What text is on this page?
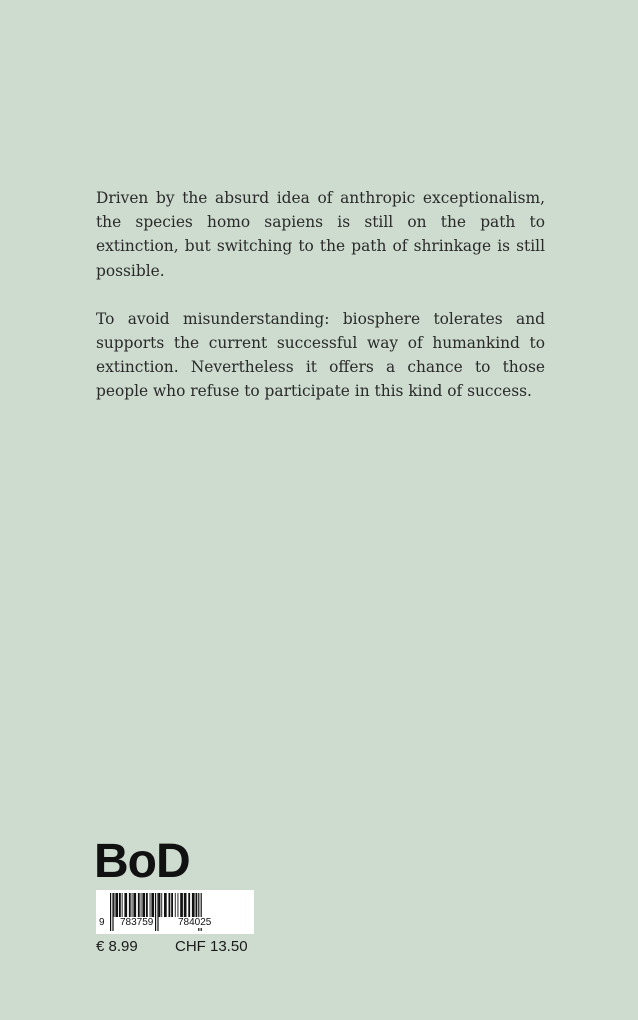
Driven by the absurd idea of anthropic exceptionalism, the species homo sapiens is still on the path to extinction, but switching to the path of shrinkage is still possible.

To avoid misunderstanding: biosphere tolerates and supports the current successful way of humankind to extinction. Nevertheless it offers a chance to those people who refuse to participate in this kind of success.

BoD
9 783759 784025
€ 8.99 CHF 13.50
